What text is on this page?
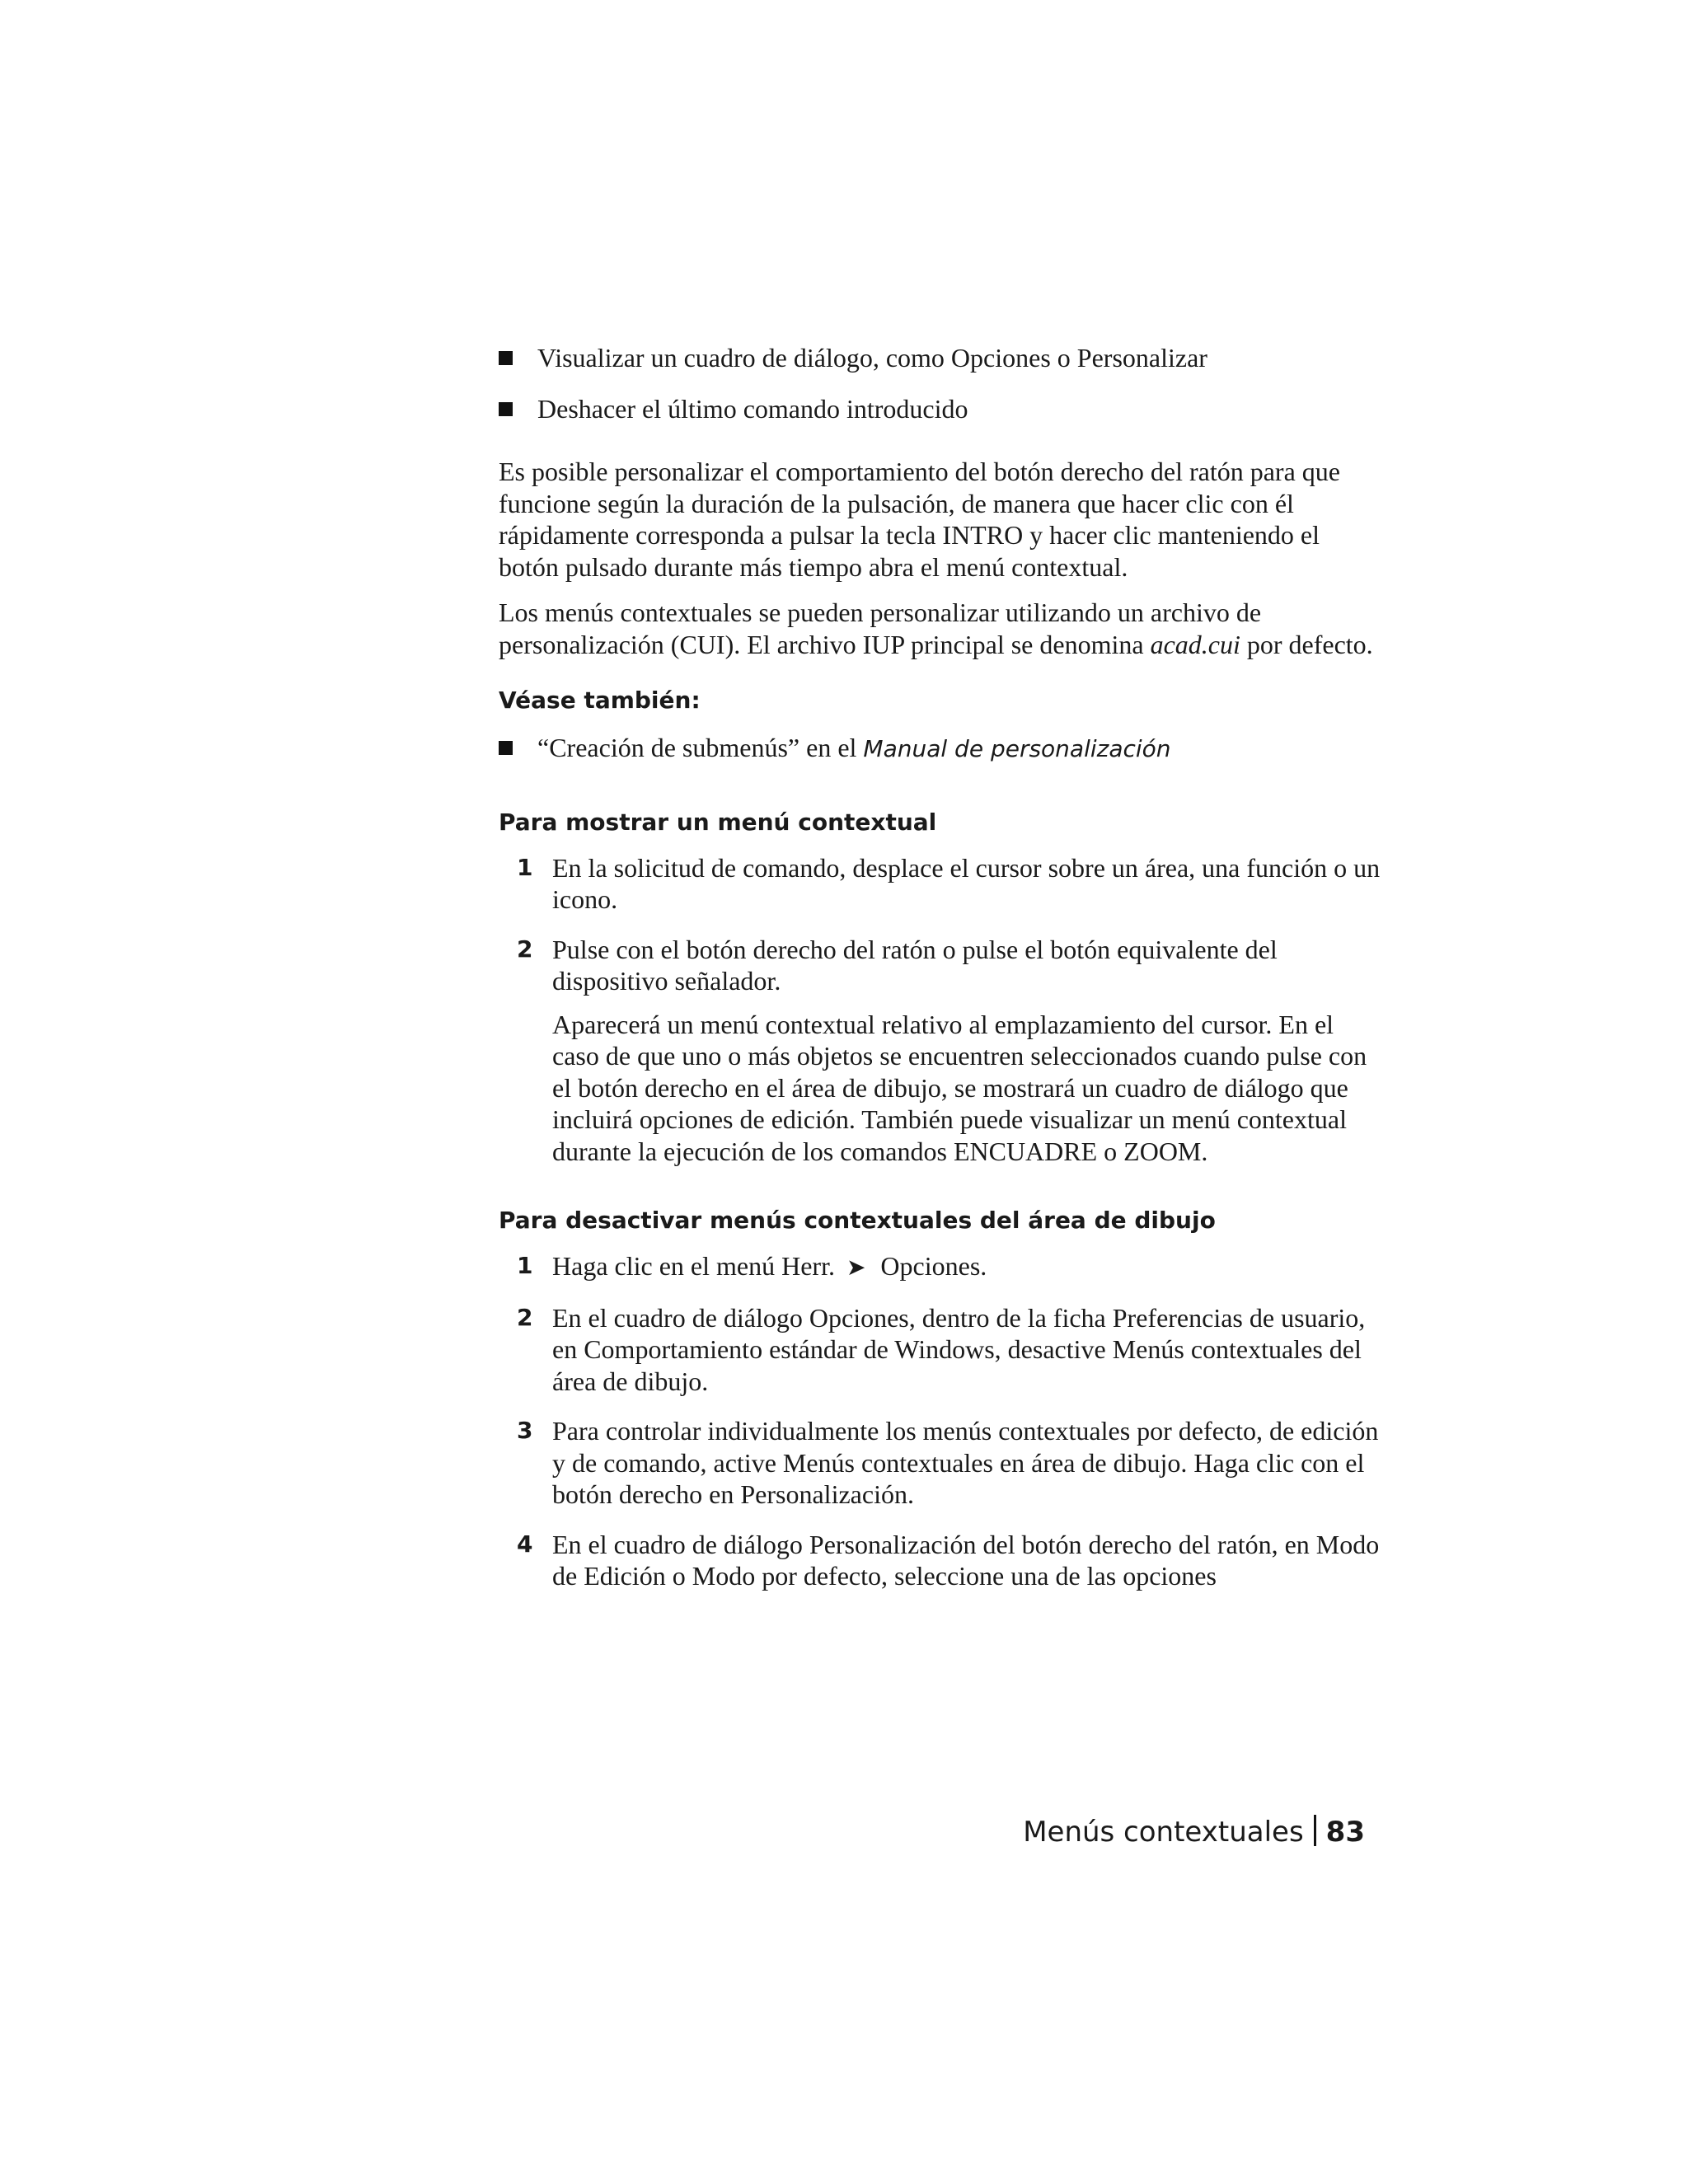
Visualizar un cuadro de diálogo, como Opciones o Personalizar
Deshacer el último comando introducido

Es posible personalizar el comportamiento del botón derecho del ratón para que funcione según la duración de la pulsación, de manera que hacer clic con él rápidamente corresponda a pulsar la tecla INTRO y hacer clic manteniendo el botón pulsado durante más tiempo abra el menú contextual.

Los menús contextuales se pueden personalizar utilizando un archivo de personalización (CUI). El archivo IUP principal se denomina acad.cui por defecto.

Véase también:
“Creación de submenús” en el Manual de personalización
Para mostrar un menú contextual
1 En la solicitud de comando, desplace el cursor sobre un área, una función o un icono.
2 Pulse con el botón derecho del ratón o pulse el botón equivalente del dispositivo señalador.
Aparecerá un menú contextual relativo al emplazamiento del cursor. En el caso de que uno o más objetos se encuentren seleccionados cuando pulse con el botón derecho en el área de dibujo, se mostrará un cuadro de diálogo que incluirá opciones de edición. También puede visualizar un menú contextual durante la ejecución de los comandos ENCUADRE o ZOOM.
Para desactivar menús contextuales del área de dibujo
1 Haga clic en el menú Herr. ➤ Opciones.
2 En el cuadro de diálogo Opciones, dentro de la ficha Preferencias de usuario, en Comportamiento estándar de Windows, desactive Menús contextuales del área de dibujo.
3 Para controlar individualmente los menús contextuales por defecto, de edición y de comando, active Menús contextuales en área de dibujo. Haga clic con el botón derecho en Personalización.
4 En el cuadro de diálogo Personalización del botón derecho del ratón, en Modo de Edición o Modo por defecto, seleccione una de las opciones
Menús contextuales 83
